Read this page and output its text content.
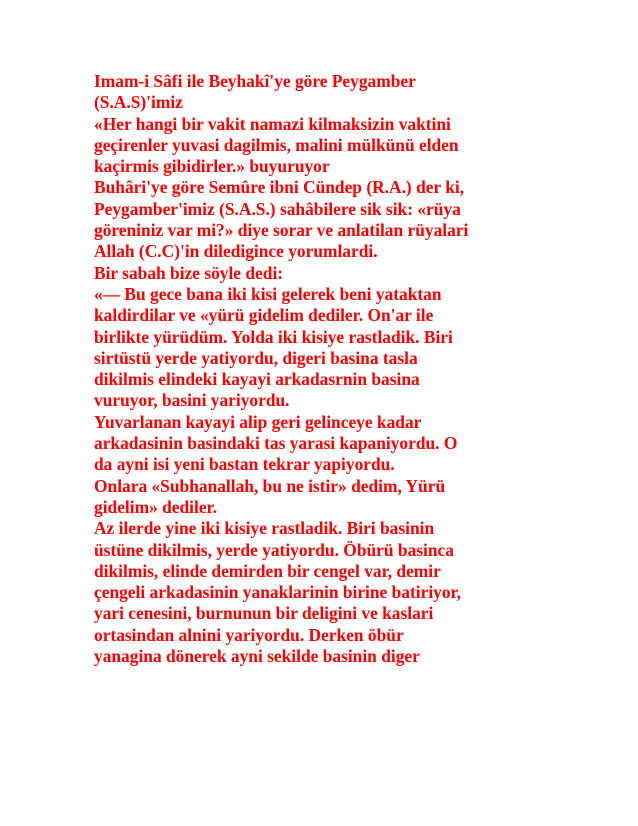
Imam-i Sâfi ile Beyhakî'ye göre Peygamber
(S.A.S)'imiz
«Her hangi bir vakit namazi kilmaksizin vaktini
geçirenler yuvasi dagilmis, malini mülkünü elden
kaçirmis gibidirler.» buyuruyor
Buhâri'ye göre Semûre ibni Cündep (R.A.) der ki,
Peygamber'imiz (S.A.S.) sahâbilere sik sik: «rüya
göreniniz var mi?» diye sorar ve anlatilan rüyalari
Allah (C.C)'in diledigince yorumlardi.
Bir sabah bize söyle dedi:
«— Bu gece bana iki kisi gelerek beni yataktan
kaldirdilar ve «yürü gidelim dediler. On'ar ile
birlikte yürüdüm. Yolda iki kisiye rastladik. Biri
sirtüstü yerde yatiyordu, digeri basina tasla
dikilmis elindeki kayayi arkadasrnin basina
vuruyor, basini yariyordu.
Yuvarlanan kayayi alip geri gelinceye kadar
arkadasinin basindaki tas yarasi kapaniyordu. O
da ayni isi yeni bastan tekrar yapiyordu.
Onlara «Subhanallah, bu ne istir» dedim, Yürü
gidelim» dediler.
Az ilerde yine iki kisiye rastladik. Biri basinin
üstüne dikilmis, yerde yatiyordu. Öbürü basinca
dikilmis, elinde demirden bir cengel var, demir
çengeli arkadasinin yanaklarinin birine batiriyor,
yari cenesini, burnunun bir deligini ve kaslari
ortasindan alnini yariyordu. Derken öbür
yanagina dönerek ayni sekilde basinin diger
